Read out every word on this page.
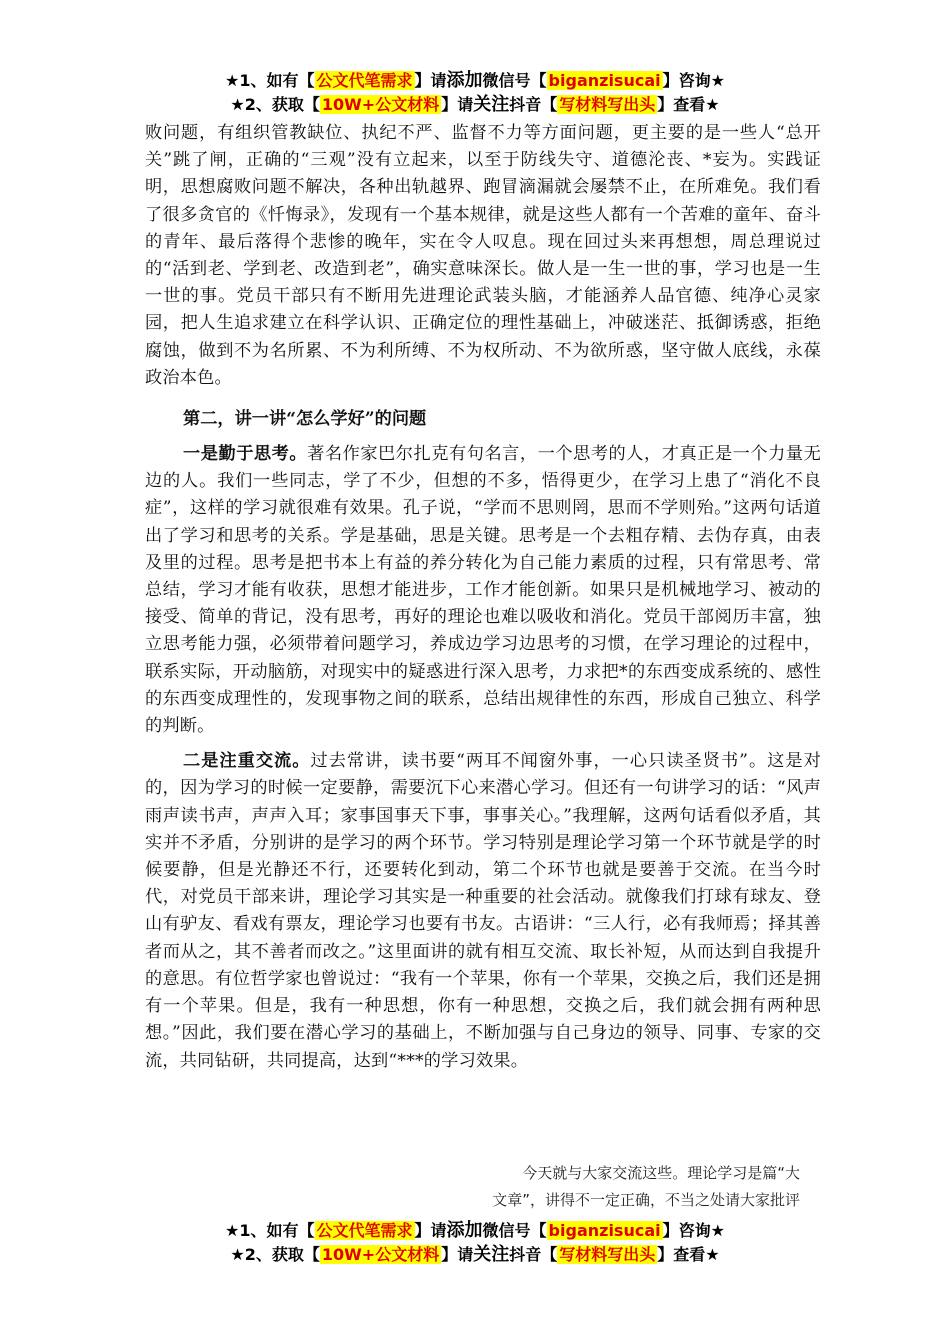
★1、如有【 公文代笔需求 】请添加微信号【 biganzisucai 】咨询★
★2、获取【 10W+公文材料 】请关注抖音【 写材料写出头 】查看★

败问题，有组织管教缺位、执纪不严、监督不力等方面问题，更主要的是一些人“总开关”跳了闸，正确的“三观”没有立起来，以至于防线失守、道德沦丧、*妄为。实践证明，思想腐败问题不解决，各种出轨越界、跑冒滴漏就会屡禁不止，在所难免。我们看了很多贪官的《忏悔录》，发现有一个基本规律，就是这些人都有一个苦难的童年、奋斗的青年、最后落得个悲惨的晚年，实在令人叹息。现在回过头来再想想，周总理说过的“活到老、学到老、改造到老”，确实意味深长。做人是一生一世的事，学习也是一生一世的事。党员干部只有不断用先进理论武装头脑，才能涵养人品官德、纯净心灵家园，把人生追求建立在科学认识、正确定位的理性基础上，冲破迷茫、抵御诱惑，拒绝腐蚀，做到不为名所累、不为利所缚、不为权所动、不为欲所惑，坚守做人底线，永葆政治本色。

第二，讲一讲“怎么学好”的问题

一是勤于思考。著名作家巴尔扎克有句名言，一个思考的人，才真正是一个力量无边的人。我们一些同志，学了不少，但想的不多，悟得更少，在学习上患了“消化不良症”，这样的学习就很难有效果。孔子说，“学而不思则罔，思而不学则殆。”这两句话道出了学习和思考的关系。学是基础，思是关键。思考是一个去粗存精、去伪存真，由表及里的过程。思考是把书本上有益的养分转化为自己能力素质的过程，只有常思考、常总结，学习才能有收获，思想才能进步，工作才能创新。如果只是机械地学习、被动的接受、简单的背记，没有思考，再好的理论也难以吸收和消化。党员干部阅历丰富，独立思考能力强，必须带着问题学习，养成边学习边思考的习惯，在学习理论的过程中，联系实际，开动脑筋，对现实中的疑惑进行深入思考，力求把*的东西变成系统的、感性的东西变成理性的，发现事物之间的联系，总结出规律性的东西，形成自己独立、科学的判断。

二是注重交流。过去常讲，读书要“两耳不闻窗外事，一心只读圣贤书”。这是对的，因为学习的时候一定要静，需要沉下心来潜心学习。但还有一句讲学习的话：“风声雨声读书声，声声入耳；家事国事天下事，事事关心。”我理解，这两句话看似矛盾，其实并不矛盾，分别讲的是学习的两个环节。学习特别是理论学习第一个环节就是学的时候要静，但是光静还不行，还要转化到动，第二个环节也就是要善于交流。在当今时代，对党员干部来讲，理论学习其实是一种重要的社会活动。就像我们打球有球友、登山有驴友、看戏有票友，理论学习也要有书友。古语讲：“三人行，必有我师焉；择其善者而从之，其不善者而改之。”这里面讲的就有相互交流、取长补短，从而达到自我提升的意思。有位哲学家也曾说过：“我有一个苹果，你有一个苹果，交换之后，我们还是拥有一个苹果。但是，我有一种思想，你有一种思想，交换之后，我们就会拥有两种思想。”因此，我们要在潜心学习的基础上，不断加强与自己身边的领导、同事、专家的交流，共同钻研，共同提高，达到“***的学习效果。

今天就与大家交流这些。理论学习是篇“大
文章”，讲得不一定正确，不当之处请大家批评
★1、如有【 公文代笔需求 】请添加微信号【 biganzisucai 】咨询★
★2、获取【 10W+公文材料 】请关注抖音【 写材料写出头 】查看★
